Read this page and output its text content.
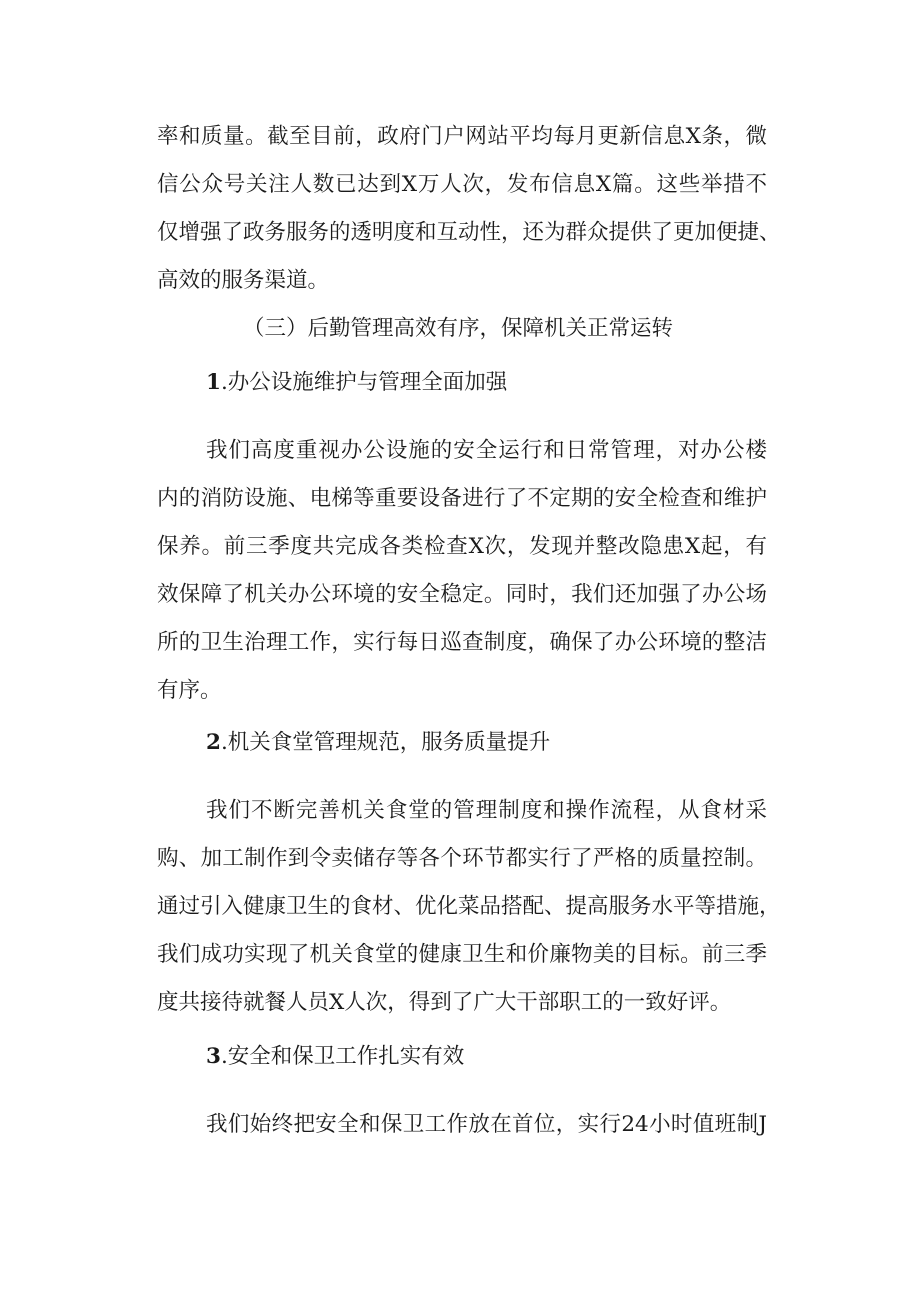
率和质量。截至目前，政府门户网站平均每月更新信息X条，微
信公众号关注人数已达到X万人次，发布信息X篇。这些举措不
仅增强了政务服务的透明度和互动性，还为群众提供了更加便捷、
高效的服务渠道。
（三）后勤管理高效有序，保障机关正常运转
1.办公设施维护与管理全面加强
我们高度重视办公设施的安全运行和日常管理，对办公楼
内的消防设施、电梯等重要设备进行了不定期的安全检查和维护
保养。前三季度共完成各类检查X次，发现并整改隐患X起，有
效保障了机关办公环境的安全稳定。同时，我们还加强了办公场
所的卫生治理工作，实行每日巡查制度，确保了办公环境的整洁
有序。
2.机关食堂管理规范，服务质量提升
我们不断完善机关食堂的管理制度和操作流程，从食材采
购、加工制作到令卖储存等各个环节都实行了严格的质量控制。
通过引入健康卫生的食材、优化菜品搭配、提高服务水平等措施，
我们成功实现了机关食堂的健康卫生和价廉物美的目标。前三季
度共接待就餐人员X人次，得到了广大干部职工的一致好评。
3.安全和保卫工作扎实有效
我们始终把安全和保卫工作放在首位，实行24小时值班制J
